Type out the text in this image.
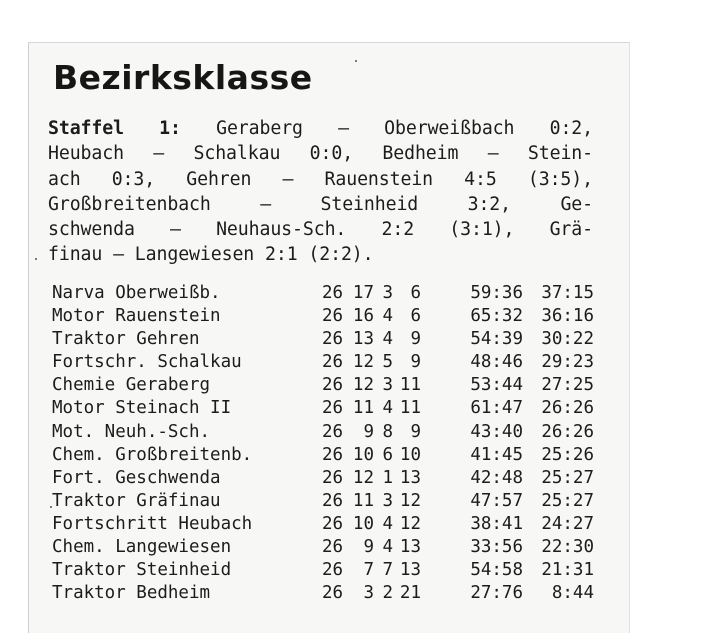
Bezirksklasse
Staffel 1: Geraberg — Oberweißbach 0:2,
Heubach — Schalkau 0:0, Bedheim — Stein-
ach 0:3, Gehren — Rauenstein 4:5 (3:5),
Großbreitenbach — Steinheid 3:2, Ge-
schwenda — Neuhaus-Sch. 2:2 (3:1), Grä-
finau — Langewiesen 2:1 (2:2).
Narva Oberweißb.	26 17 3 6	59:36	37:15
Motor Rauenstein	26 16 4 6	65:32	36:16
Traktor Gehren	26 13 4 9	54:39	30:22
Fortschr. Schalkau	26 12 5 9	48:46	29:23
Chemie Geraberg	26 12 3 11	53:44	27:25
Motor Steinach II	26 11 4 11	61:47	26:26
Mot. Neuh.-Sch.	26	9 8 9	43:40	26:26
Chem. Großbreitenb.	26 10 6 10	41:45	25:26
Fort. Geschwenda	26 12 1 13	42:48	25:27
Traktor Gräfinau	26 11 3 12	47:57	25:27
Fortschritt Heubach	26 10 4 12	38:41	24:27
Chem. Langewiesen	26	9 4 13	33:56	22:30
Traktor Steinheid	26	7 7 13	54:58	21:31
Traktor Bedheim	26	3 2 21	27:76	8:44
